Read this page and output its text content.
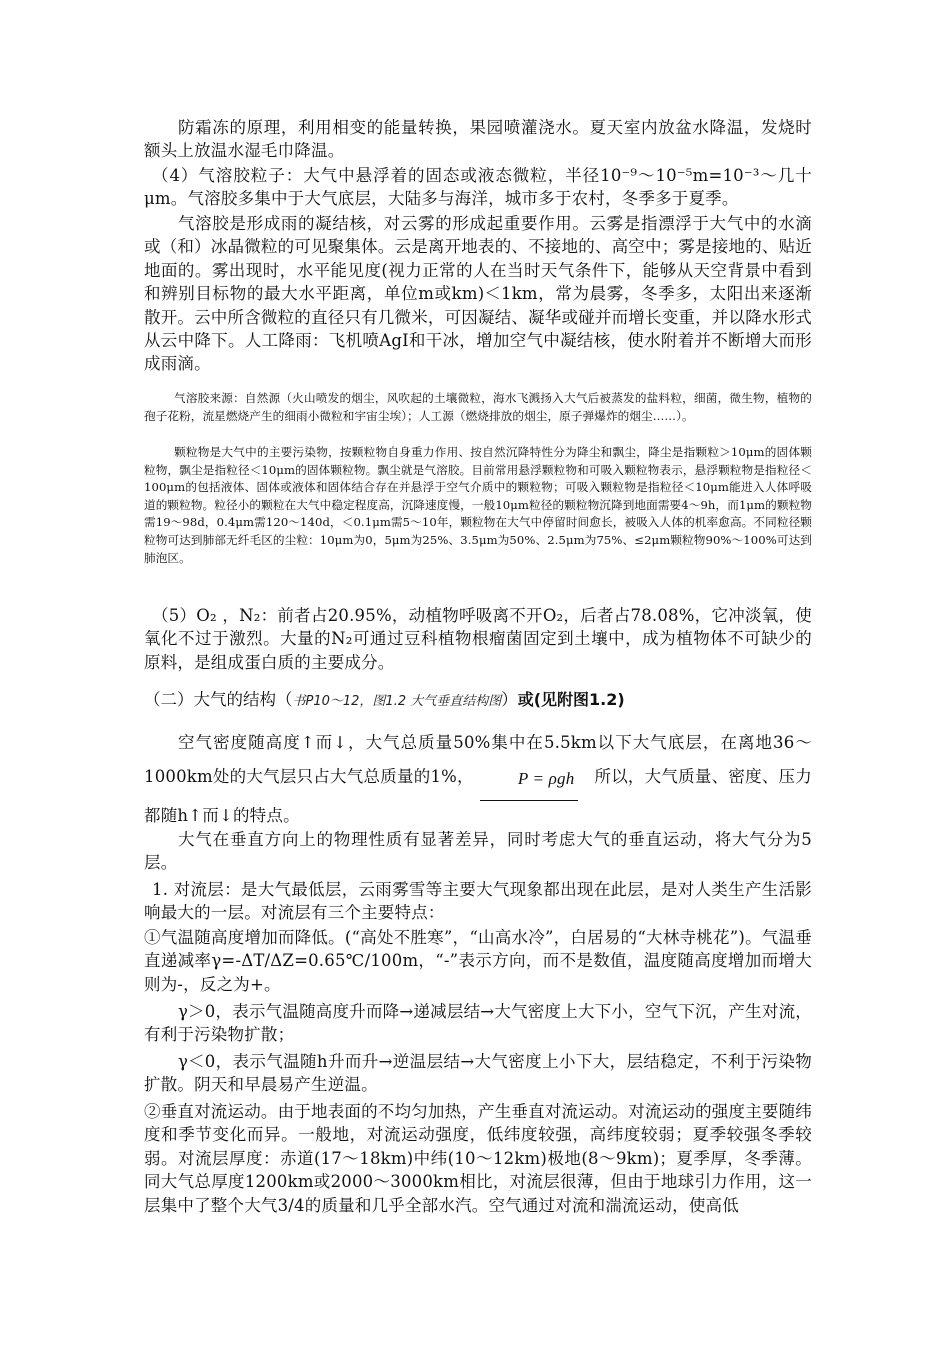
防霜冻的原理，利用相变的能量转换，果园喷灌浇水。夏天室内放盆水降温，发烧时额头上放温水湿毛巾降温。

（4）气溶胶粒子：大气中悬浮着的固态或液态微粒，半径10⁻⁹～10⁻⁵m=10⁻³～几十μm。气溶胶多集中于大气底层，大陆多与海洋，城市多于农村，冬季多于夏季。

气溶胶是形成雨的凝结核，对云雾的形成起重要作用。云雾是指漂浮于大气中的水滴或（和）冰晶微粒的可见聚集体。云是离开地表的、不接地的、高空中；雾是接地的、贴近地面的。雾出现时，水平能见度(视力正常的人在当时天气条件下，能够从天空背景中看到和辨别目标物的最大水平距离，单位m或km)＜1km，常为晨雾，冬季多，太阳出来逐渐散开。云中所含微粒的直径只有几微米，可因凝结、凝华或碰并而增长变重，并以降水形式从云中降下。人工降雨：飞机喷AgI和干冰，增加空气中凝结核，使水附着并不断增大而形成雨滴。

气溶胶来源：自然源（火山喷发的烟尘，风吹起的土壤微粒，海水飞溅扬入大气后被蒸发的盐料粒，细菌，微生物，植物的孢子花粉，流星燃烧产生的细雨小微粒和宇宙尘埃）；人工源（燃烧排放的烟尘，原子弹爆炸的烟尘……）。

颗粒物是大气中的主要污染物，按颗粒物自身重力作用、按自然沉降特性分为降尘和飘尘，降尘是指颗粒＞10μm的固体颗粒物，飘尘是指粒径＜10μm的固体颗粒物。飘尘就是气溶胶。目前常用悬浮颗粒物和可吸入颗粒物表示，悬浮颗粒物是指粒径＜100μm的包括液体、固体或液体和固体结合存在并悬浮于空气介质中的颗粒物；可吸入颗粒物是指粒径＜10μm能进入人体呼吸道的颗粒物。粒径小的颗粒在大气中稳定程度高，沉降速度慢，一般10μm粒径的颗粒物沉降到地面需要4～9h，而1μm的颗粒物需19～98d，0.4μm需120～140d，＜0.1μm需5～10年，颗粒物在大气中停留时间愈长，被吸入人体的机率愈高。不同粒径颗粒物可达到肺部无纤毛区的尘粒：10μm为0，5μm为25%、3.5μm为50%、2.5μm为75%、≤2μm颗粒物90%～100%可达到肺泡区。

（5）O₂ ，N₂：前者占20.95%，动植物呼吸离不开O₂，后者占78.08%，它冲淡氧，使氧化不过于激烈。大量的N₂可通过豆科植物根瘤菌固定到土壤中，成为植物体不可缺少的原料，是组成蛋白质的主要成分。

（二）大气的结构（书P10～12，图1.2 大气垂直结构图）或(见附图1.2)

空气密度随高度↑而↓，大气总质量50%集中在5.5km以下大气底层，在离地36～1000km处的大气层只占大气总质量的1%，	P = ρgh 所以，大气质量、密度、压力都随h↑而↓的特点。

大气在垂直方向上的物理性质有显著差异，同时考虑大气的垂直运动，将大气分为5层。

1. 对流层：是大气最低层，云雨雾雪等主要大气现象都出现在此层，是对人类生产生活影响最大的一层。对流层有三个主要特点：

①气温随高度增加而降低。(“高处不胜寒”，“山高水冷”，白居易的“大林寺桃花”)。气温垂直递减率γ=-ΔT/ΔZ=0.65℃/100m，“-”表示方向，而不是数值，温度随高度增加而增大则为-，反之为+。

γ＞0，表示气温随高度升而降→递减层结→大气密度上大下小，空气下沉，产生对流，有利于污染物扩散；

γ＜0，表示气温随h升而升→逆温层结→大气密度上小下大，层结稳定，不利于污染物扩散。阴天和早晨易产生逆温。

②垂直对流运动。由于地表面的不均匀加热，产生垂直对流运动。对流运动的强度主要随纬度和季节变化而异。一般地，对流运动强度，低纬度较强，高纬度较弱；夏季较强冬季较弱。对流层厚度：赤道(17～18km)中纬(10～12km)极地(8～9km)；夏季厚，冬季薄。同大气总厚度1200km或2000～3000km相比，对流层很薄，但由于地球引力作用，这一层集中了整个大气3/4的质量和几乎全部水汽。空气通过对流和湍流运动，使高低
